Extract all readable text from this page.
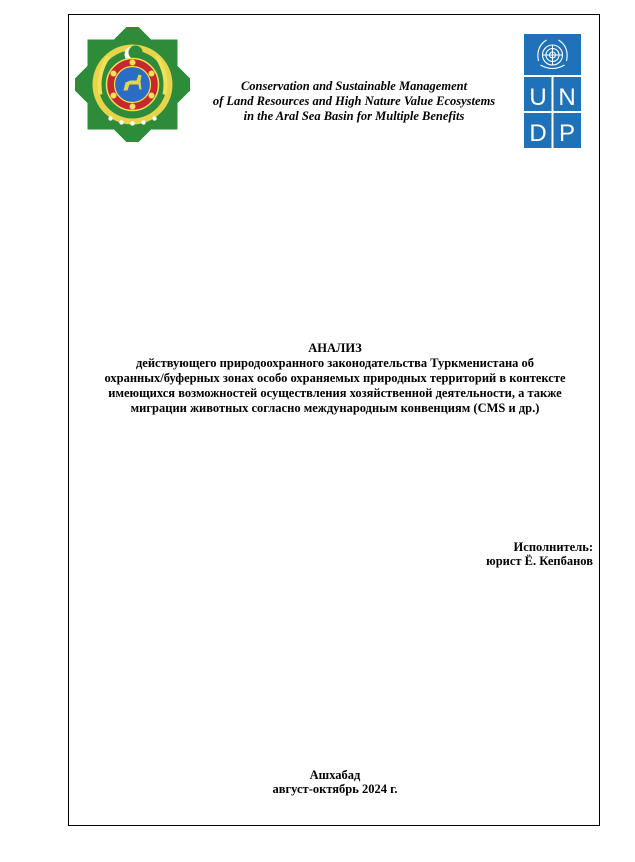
U N
D P
Conservation and Sustainable Management
of Land Resources and High Nature Value Ecosystems
in the Aral Sea Basin for Multiple Benefits
АНАЛИЗ
действующего природоохранного законодательства Туркменистана об
охранных/буферных зонах особо охраняемых природных территорий в контексте
имеющихся возможностей осуществления хозяйственной деятельности, а также
миграции животных согласно международным конвенциям (CMS и др.)
Исполнитель:
юрист Ё. Кепбанов
Ашхабад
август-октябрь 2024 г.
